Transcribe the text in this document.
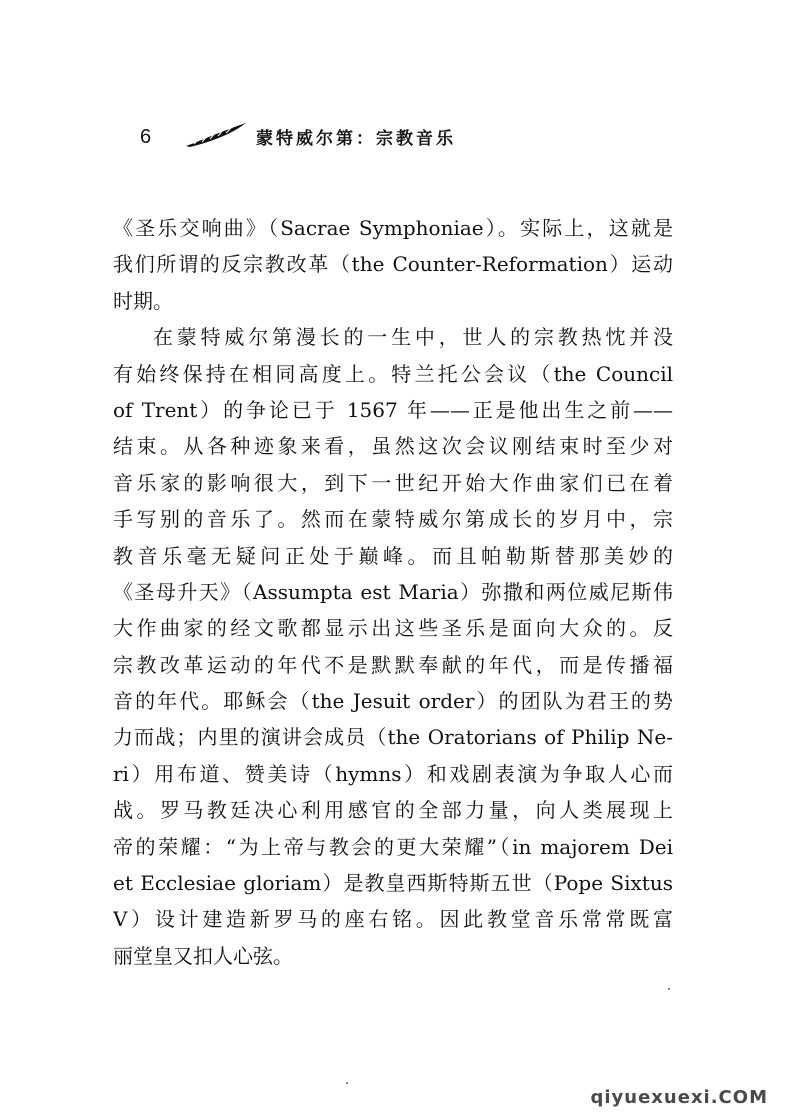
6	蒙特威尔第：宗教音乐
《圣乐交响曲》（Sacrae Symphoniae）。实际上，这就是
我们所谓的反宗教改革（the Counter-Reformation）运动
时期。
在蒙特威尔第漫长的一生中，世人的宗教热忱并没
有始终保持在相同高度上。特兰托公会议（the Council
of Trent）的争论已于 1567 年——正是他出生之前——
结束。从各种迹象来看，虽然这次会议刚结束时至少对
音乐家的影响很大，到下一世纪开始大作曲家们已在着
手写别的音乐了。然而在蒙特威尔第成长的岁月中，宗
教音乐毫无疑问正处于巅峰。而且帕勒斯替那美妙的
《圣母升天》（Assumpta est Maria）弥撒和两位威尼斯伟
大作曲家的经文歌都显示出这些圣乐是面向大众的。反
宗教改革运动的年代不是默默奉献的年代，而是传播福
音的年代。耶稣会（the Jesuit order）的团队为君王的势
力而战；内里的演讲会成员（the Oratorians of Philip Ne-
ri）用布道、赞美诗（hymns）和戏剧表演为争取人心而
战。罗马教廷决心利用感官的全部力量，向人类展现上
帝的荣耀：“为上帝与教会的更大荣耀”（in majorem Dei
et Ecclesiae gloriam）是教皇西斯特斯五世（Pope Sixtus
V）设计建造新罗马的座右铭。因此教堂音乐常常既富
丽堂皇又扣人心弦。
qiyuexuexi.COM
